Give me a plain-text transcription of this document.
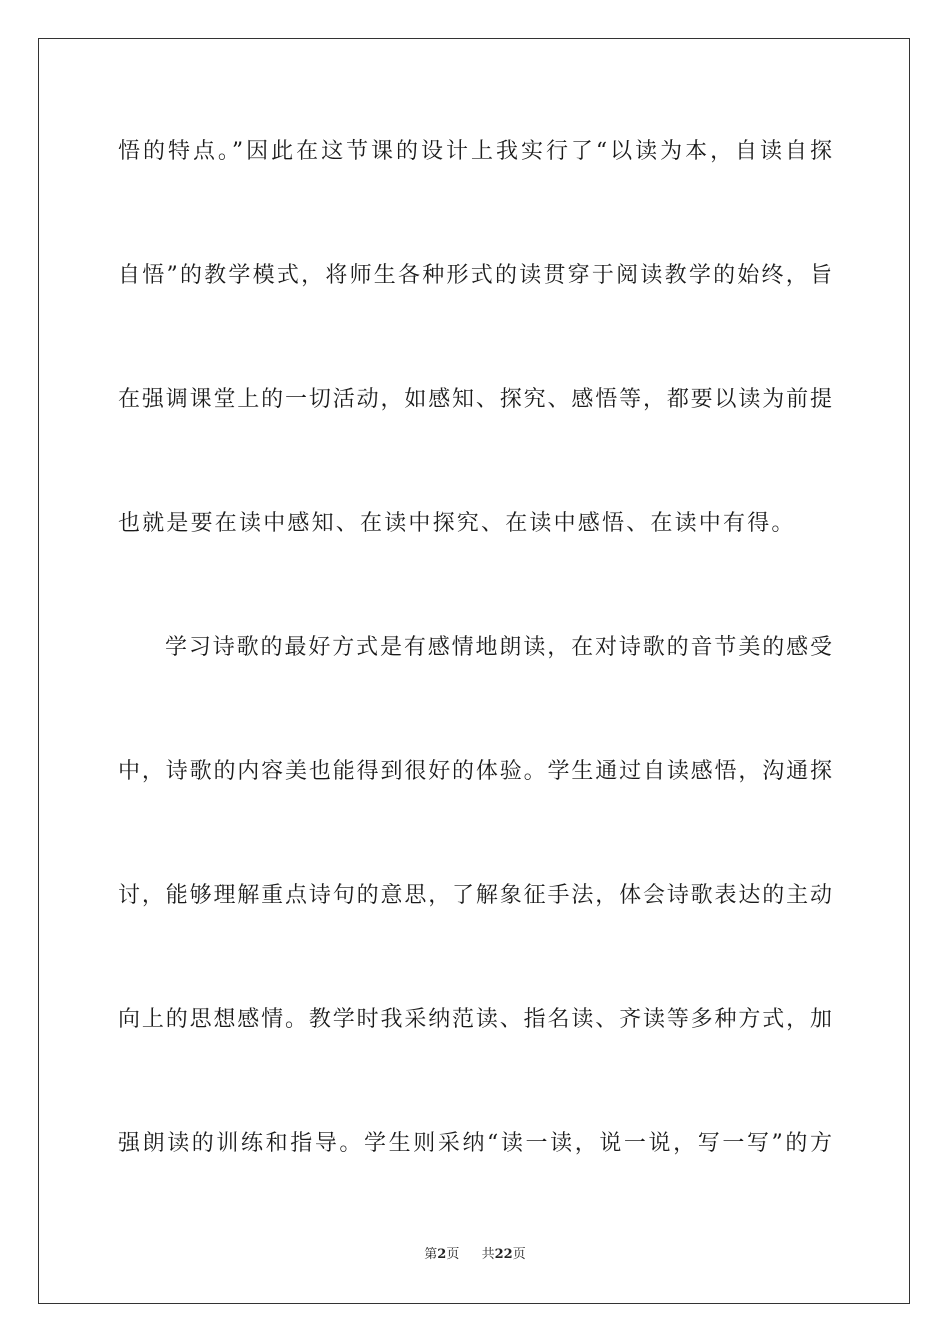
悟的特点。”因此在这节课的设计上我实行了“以读为本，自读自探
自悟”的教学模式，将师生各种形式的读贯穿于阅读教学的始终，旨
在强调课堂上的一切活动，如感知、探究、感悟等，都要以读为前提
也就是要在读中感知、在读中探究、在读中感悟、在读中有得。
学习诗歌的最好方式是有感情地朗读，在对诗歌的音节美的感受
中，诗歌的内容美也能得到很好的体验。学生通过自读感悟，沟通探
讨，能够理解重点诗句的意思，了解象征手法，体会诗歌表达的主动
向上的思想感情。教学时我采纳范读、指名读、齐读等多种方式，加
强朗读的训练和指导。学生则采纳“读一读，说一说，写一写”的方
第2页 共22页
